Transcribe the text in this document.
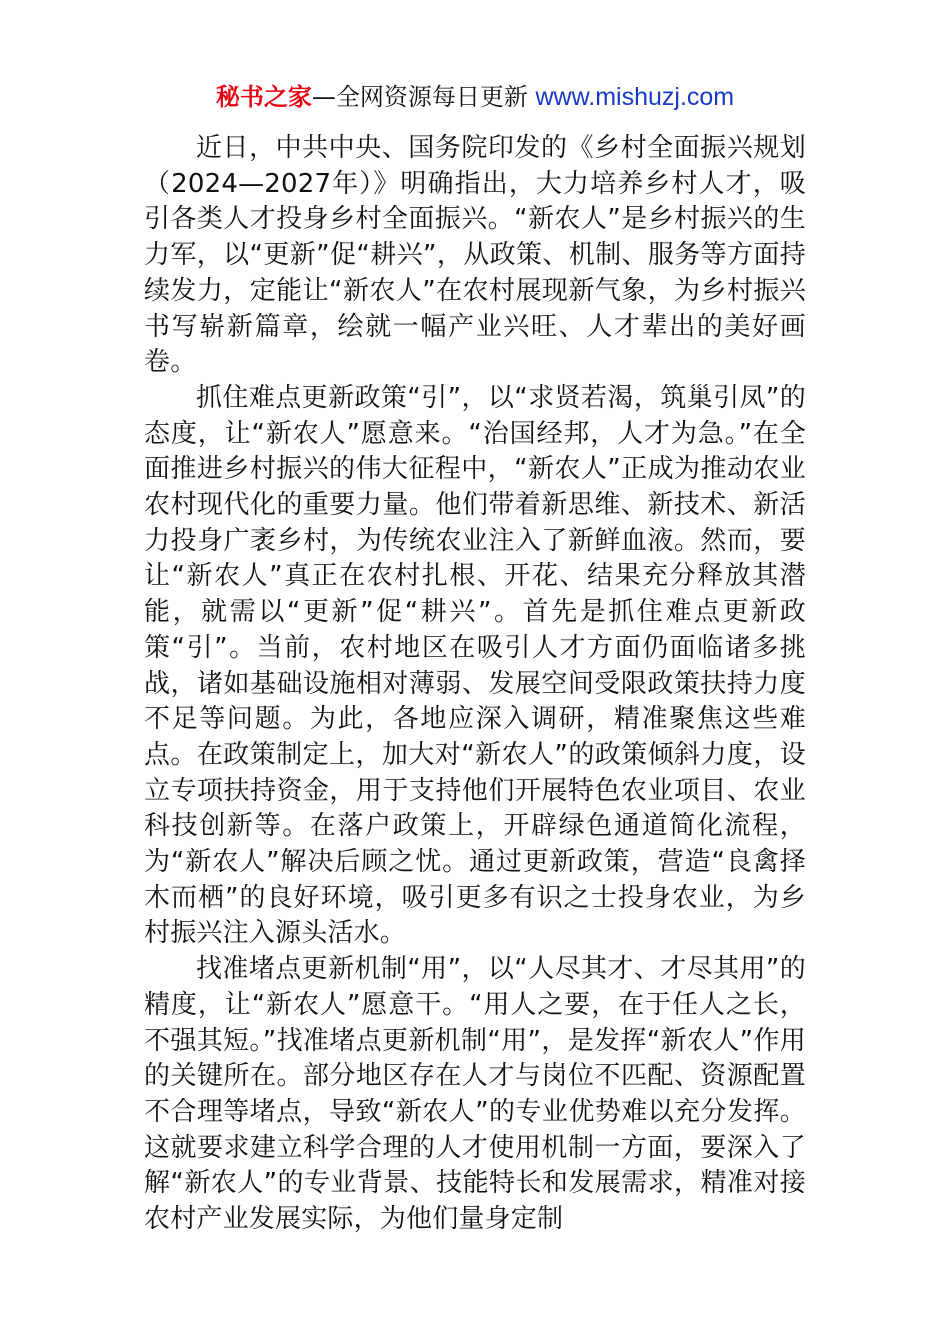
秘书之家—全网资源每日更新 www.mishuzj.com

近日，中共中央、国务院印发的《乡村全面振兴规划（2024—2027年）》明确指出，大力培养乡村人才，吸引各类人才投身乡村全面振兴。“新农人”是乡村振兴的生力军，以“更新”促“耕兴”，从政策、机制、服务等方面持续发力，定能让“新农人”在农村展现新气象，为乡村振兴书写崭新篇章，绘就一幅产业兴旺、人才辈出的美好画卷。

抓住难点更新政策“引”，以“求贤若渴，筑巢引凤”的态度，让“新农人”愿意来。“治国经邦，人才为急。”在全面推进乡村振兴的伟大征程中，“新农人”正成为推动农业农村现代化的重要力量。他们带着新思维、新技术、新活力投身广袤乡村，为传统农业注入了新鲜血液。然而，要让“新农人”真正在农村扎根、开花、结果充分释放其潜能，就需以“更新”促“耕兴”。首先是抓住难点更新政策“引”。当前，农村地区在吸引人才方面仍面临诸多挑战，诸如基础设施相对薄弱、发展空间受限政策扶持力度不足等问题。为此，各地应深入调研，精准聚焦这些难点。在政策制定上，加大对“新农人”的政策倾斜力度，设立专项扶持资金，用于支持他们开展特色农业项目、农业科技创新等。在落户政策上，开辟绿色通道简化流程，为“新农人”解决后顾之忧。通过更新政策，营造“良禽择木而栖”的良好环境，吸引更多有识之士投身农业，为乡村振兴注入源头活水。

找准堵点更新机制“用”，以“人尽其才、才尽其用”的精度，让“新农人”愿意干。“用人之要，在于任人之长，不强其短。”找准堵点更新机制“用”，是发挥“新农人”作用的关键所在。部分地区存在人才与岗位不匹配、资源配置不合理等堵点，导致“新农人”的专业优势难以充分发挥。这就要求建立科学合理的人才使用机制一方面，要深入了解“新农人”的专业背景、技能特长和发展需求，精准对接农村产业发展实际，为他们量身定制
